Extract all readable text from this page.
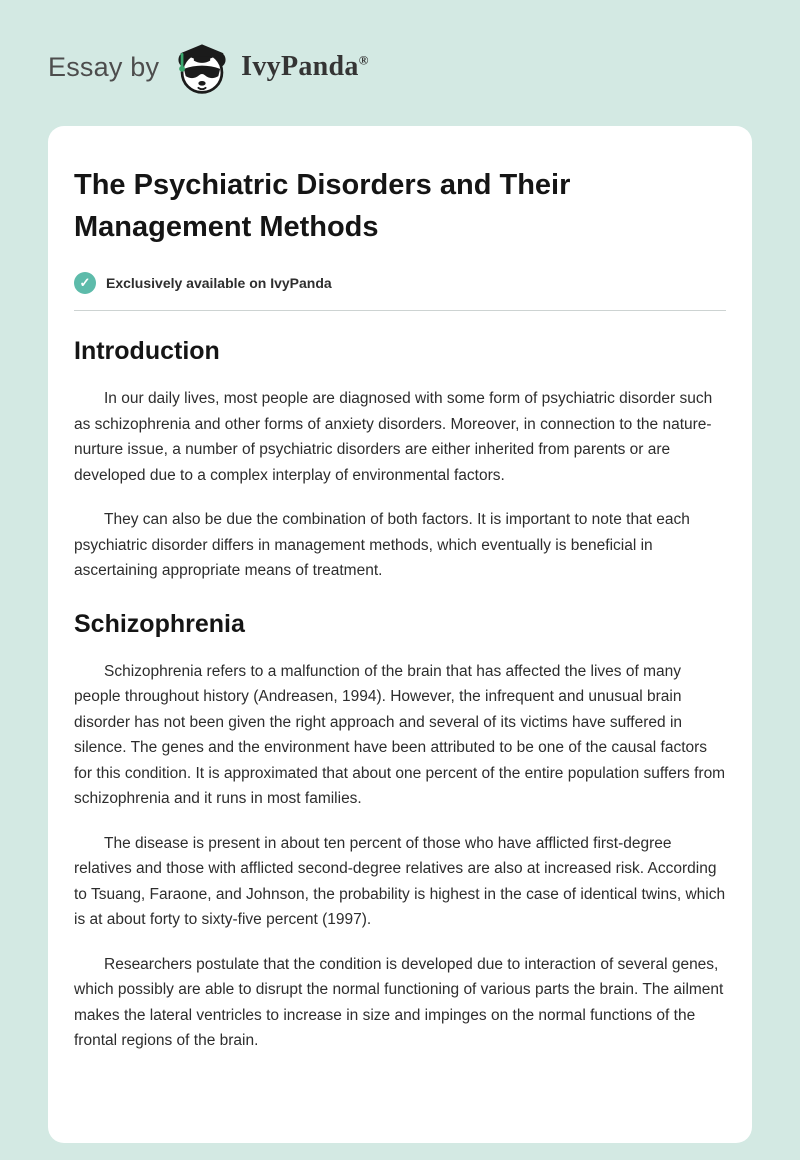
Essay by	IvyPanda®
The Psychiatric Disorders and Their Management Methods
✓	Exclusively available on IvyPanda
Introduction

In our daily lives, most people are diagnosed with some form of psychiatric disorder such as schizophrenia and other forms of anxiety disorders. Moreover, in connection to the nature-nurture issue, a number of psychiatric disorders are either inherited from parents or are developed due to a complex interplay of environmental factors.

They can also be due the combination of both factors. It is important to note that each psychiatric disorder differs in management methods, which eventually is beneficial in ascertaining appropriate means of treatment.

Schizophrenia

Schizophrenia refers to a malfunction of the brain that has affected the lives of many people throughout history (Andreasen, 1994). However, the infrequent and unusual brain disorder has not been given the right approach and several of its victims have suffered in silence. The genes and the environment have been attributed to be one of the causal factors for this condition. It is approximated that about one percent of the entire population suffers from schizophrenia and it runs in most families.

The disease is present in about ten percent of those who have afflicted first-degree relatives and those with afflicted second-degree relatives are also at increased risk. According to Tsuang, Faraone, and Johnson, the probability is highest in the case of identical twins, which is at about forty to sixty-five percent (1997).

Researchers postulate that the condition is developed due to interaction of several genes, which possibly are able to disrupt the normal functioning of various parts the brain. The ailment makes the lateral ventricles to increase in size and impinges on the normal functions of the frontal regions of the brain.
